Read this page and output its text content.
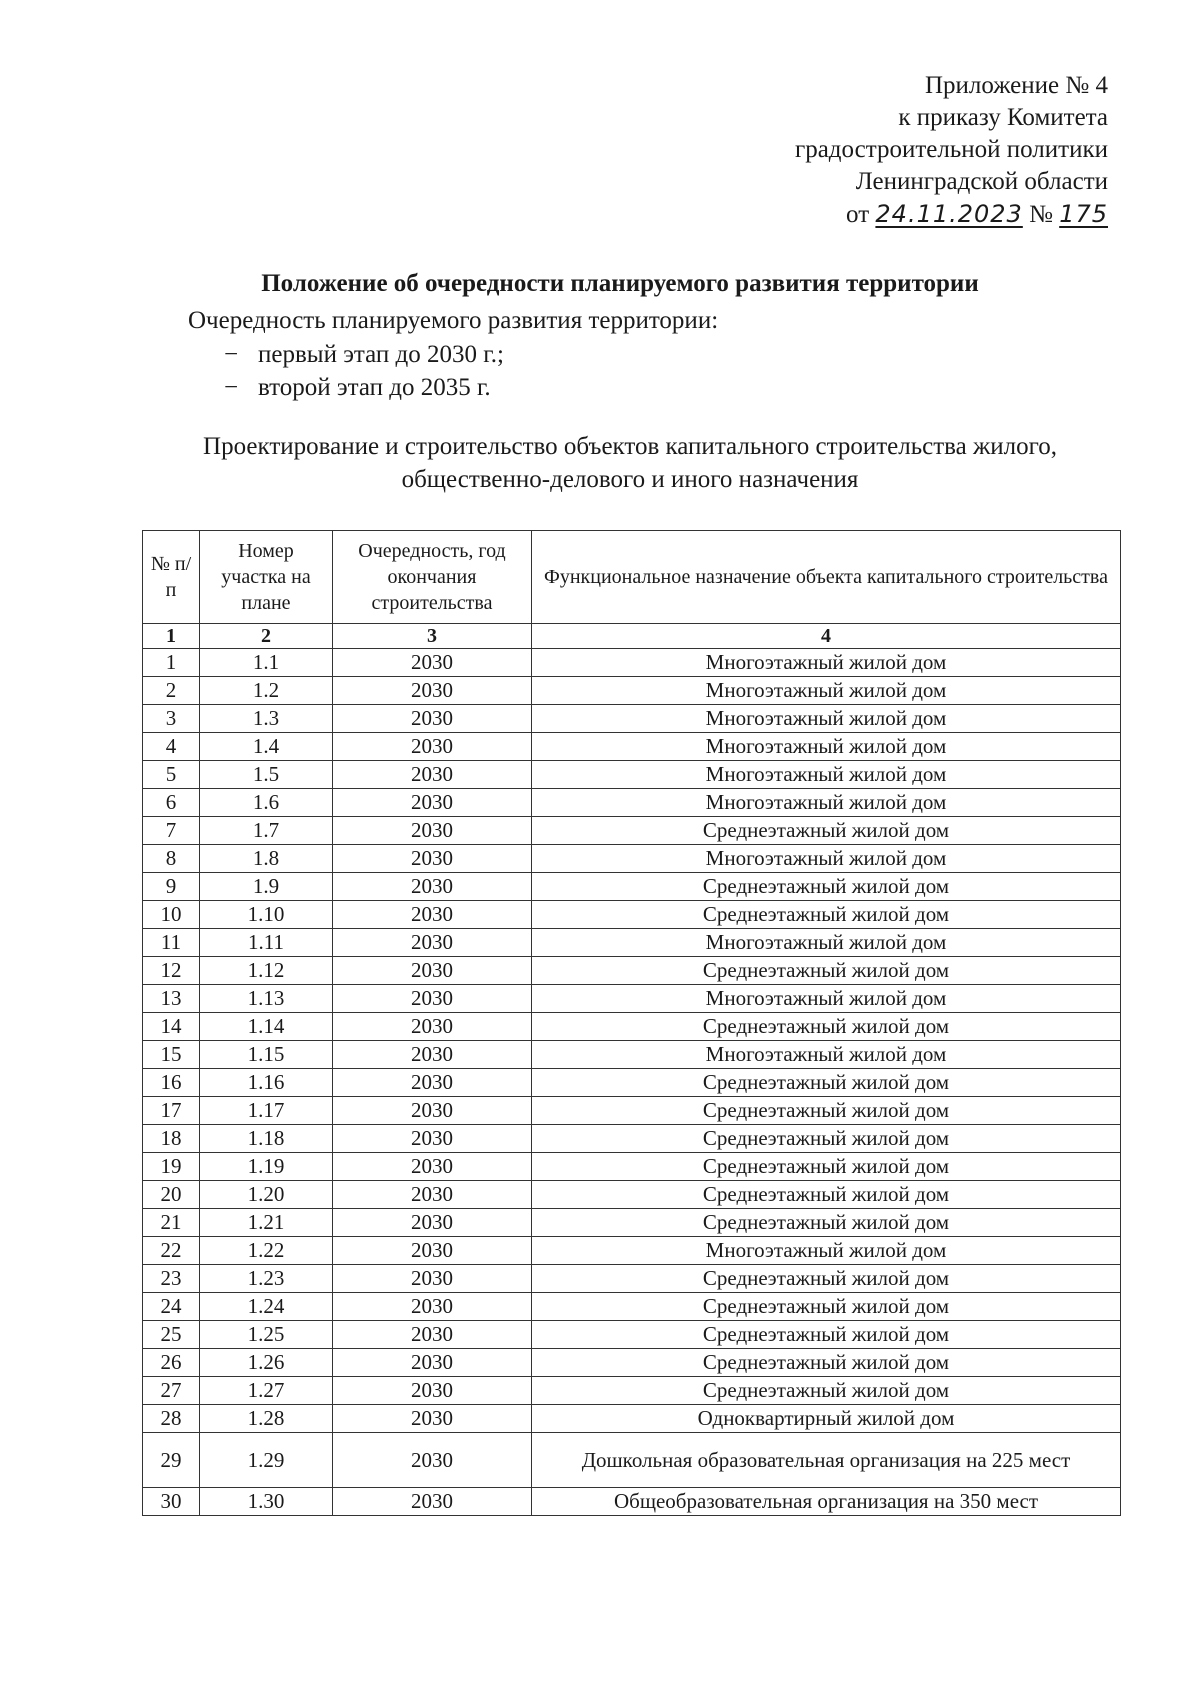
Приложение № 4
к приказу Комитета
градостроительной политики
Ленинградской области
от 24.11.2023 № 175
Положение об очередности планируемого развития территории
Очередность планируемого развития территории:
− первый этап до 2030 г.;
− второй этап до 2035 г.
Проектирование и строительство объектов капитального строительства жилого, общественно-делового и иного назначения
№ п/п	Номер участка на плане	Очередность, год окончания строительства	Функциональное назначение объекта капитального строительства
1	2	3	4
1	1.1	2030	Многоэтажный жилой дом
2	1.2	2030	Многоэтажный жилой дом
3	1.3	2030	Многоэтажный жилой дом
4	1.4	2030	Многоэтажный жилой дом
5	1.5	2030	Многоэтажный жилой дом
6	1.6	2030	Многоэтажный жилой дом
7	1.7	2030	Среднеэтажный жилой дом
8	1.8	2030	Многоэтажный жилой дом
9	1.9	2030	Среднеэтажный жилой дом
10	1.10	2030	Среднеэтажный жилой дом
11	1.11	2030	Многоэтажный жилой дом
12	1.12	2030	Среднеэтажный жилой дом
13	1.13	2030	Многоэтажный жилой дом
14	1.14	2030	Среднеэтажный жилой дом
15	1.15	2030	Многоэтажный жилой дом
16	1.16	2030	Среднеэтажный жилой дом
17	1.17	2030	Среднеэтажный жилой дом
18	1.18	2030	Среднеэтажный жилой дом
19	1.19	2030	Среднеэтажный жилой дом
20	1.20	2030	Среднеэтажный жилой дом
21	1.21	2030	Среднеэтажный жилой дом
22	1.22	2030	Многоэтажный жилой дом
23	1.23	2030	Среднеэтажный жилой дом
24	1.24	2030	Среднеэтажный жилой дом
25	1.25	2030	Среднеэтажный жилой дом
26	1.26	2030	Среднеэтажный жилой дом
27	1.27	2030	Среднеэтажный жилой дом
28	1.28	2030	Одноквартирный жилой дом
29	1.29	2030	Дошкольная образовательная организация на 225 мест
30	1.30	2030	Общеобразовательная организация на 350 мест
